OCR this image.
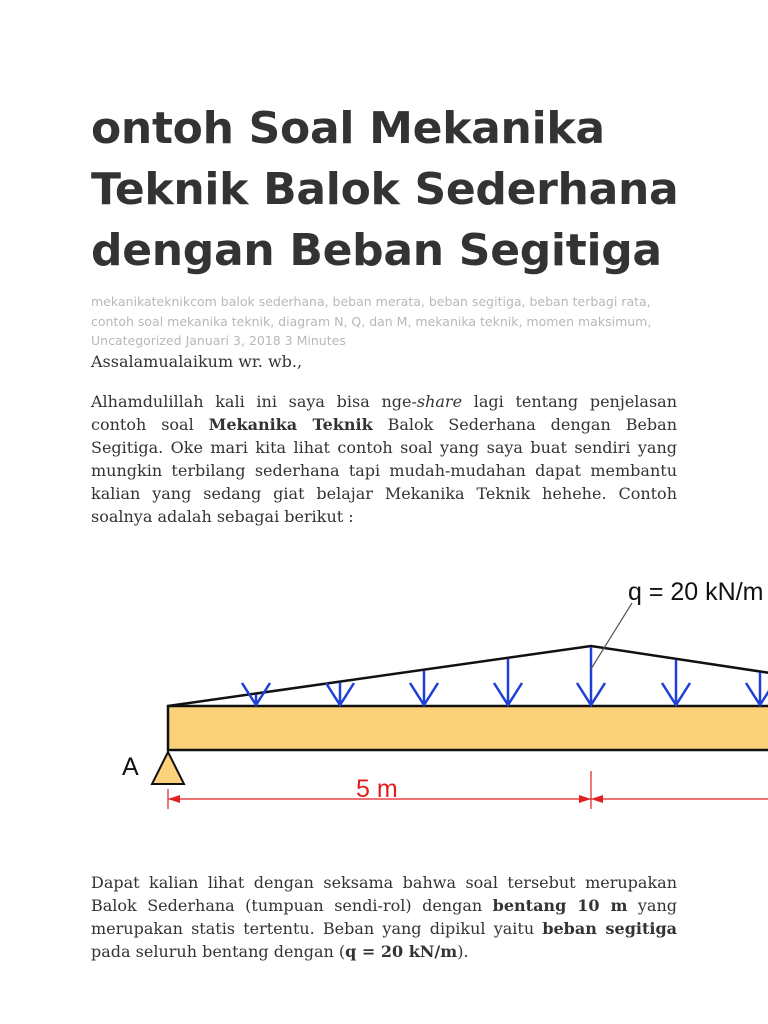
ontoh Soal Mekanika Teknik Balok Sederhana dengan Beban Segitiga
mekanikateknikcom balok sederhana, beban merata, beban segitiga, beban terbagi rata, contoh soal mekanika teknik, diagram N, Q, dan M, mekanika teknik, momen maksimum, Uncategorized Januari 3, 2018 3 Minutes

Assalamualaikum wr. wb.,

Alhamdulillah kali ini saya bisa nge-share lagi tentang penjelasan contoh soal Mekanika Teknik Balok Sederhana dengan Beban Segitiga. Oke mari kita lihat contoh soal yang saya buat sendiri yang mungkin terbilang sederhana tapi mudah-mudahan dapat membantu kalian yang sedang giat belajar Mekanika Teknik hehehe. Contoh soalnya adalah sebagai berikut :

Dapat kalian lihat dengan seksama bahwa soal tersebut merupakan Balok Sederhana (tumpuan sendi-rol) dengan bentang 10 m yang merupakan statis tertentu. Beban yang dipikul yaitu beban segitiga pada seluruh bentang dengan (q = 20 kN/m).

q = 20 kN/m
A
5 m
